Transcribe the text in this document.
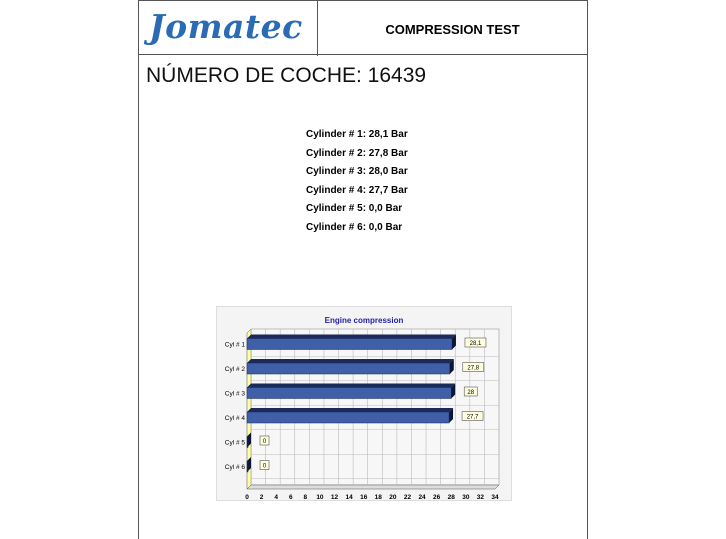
Jomatec	COMPRESSION TEST
NÚMERO DE COCHE: 16439
Cylinder # 1: 28,1 Bar
Cylinder # 2: 27,8 Bar
Cylinder # 3: 28,0 Bar
Cylinder # 4: 27,7 Bar
Cylinder # 5: 0,0 Bar
Cylinder # 6: 0,0 Bar
Engine compression
0 2 4 6 8 10 12 14 16 18 20 22 24 26 28 30 32 34
Cyl # 1	28,1
Cyl # 2	27,8
Cyl # 3	28
Cyl # 4	27,7
Cyl # 5	0
Cyl # 6	0
